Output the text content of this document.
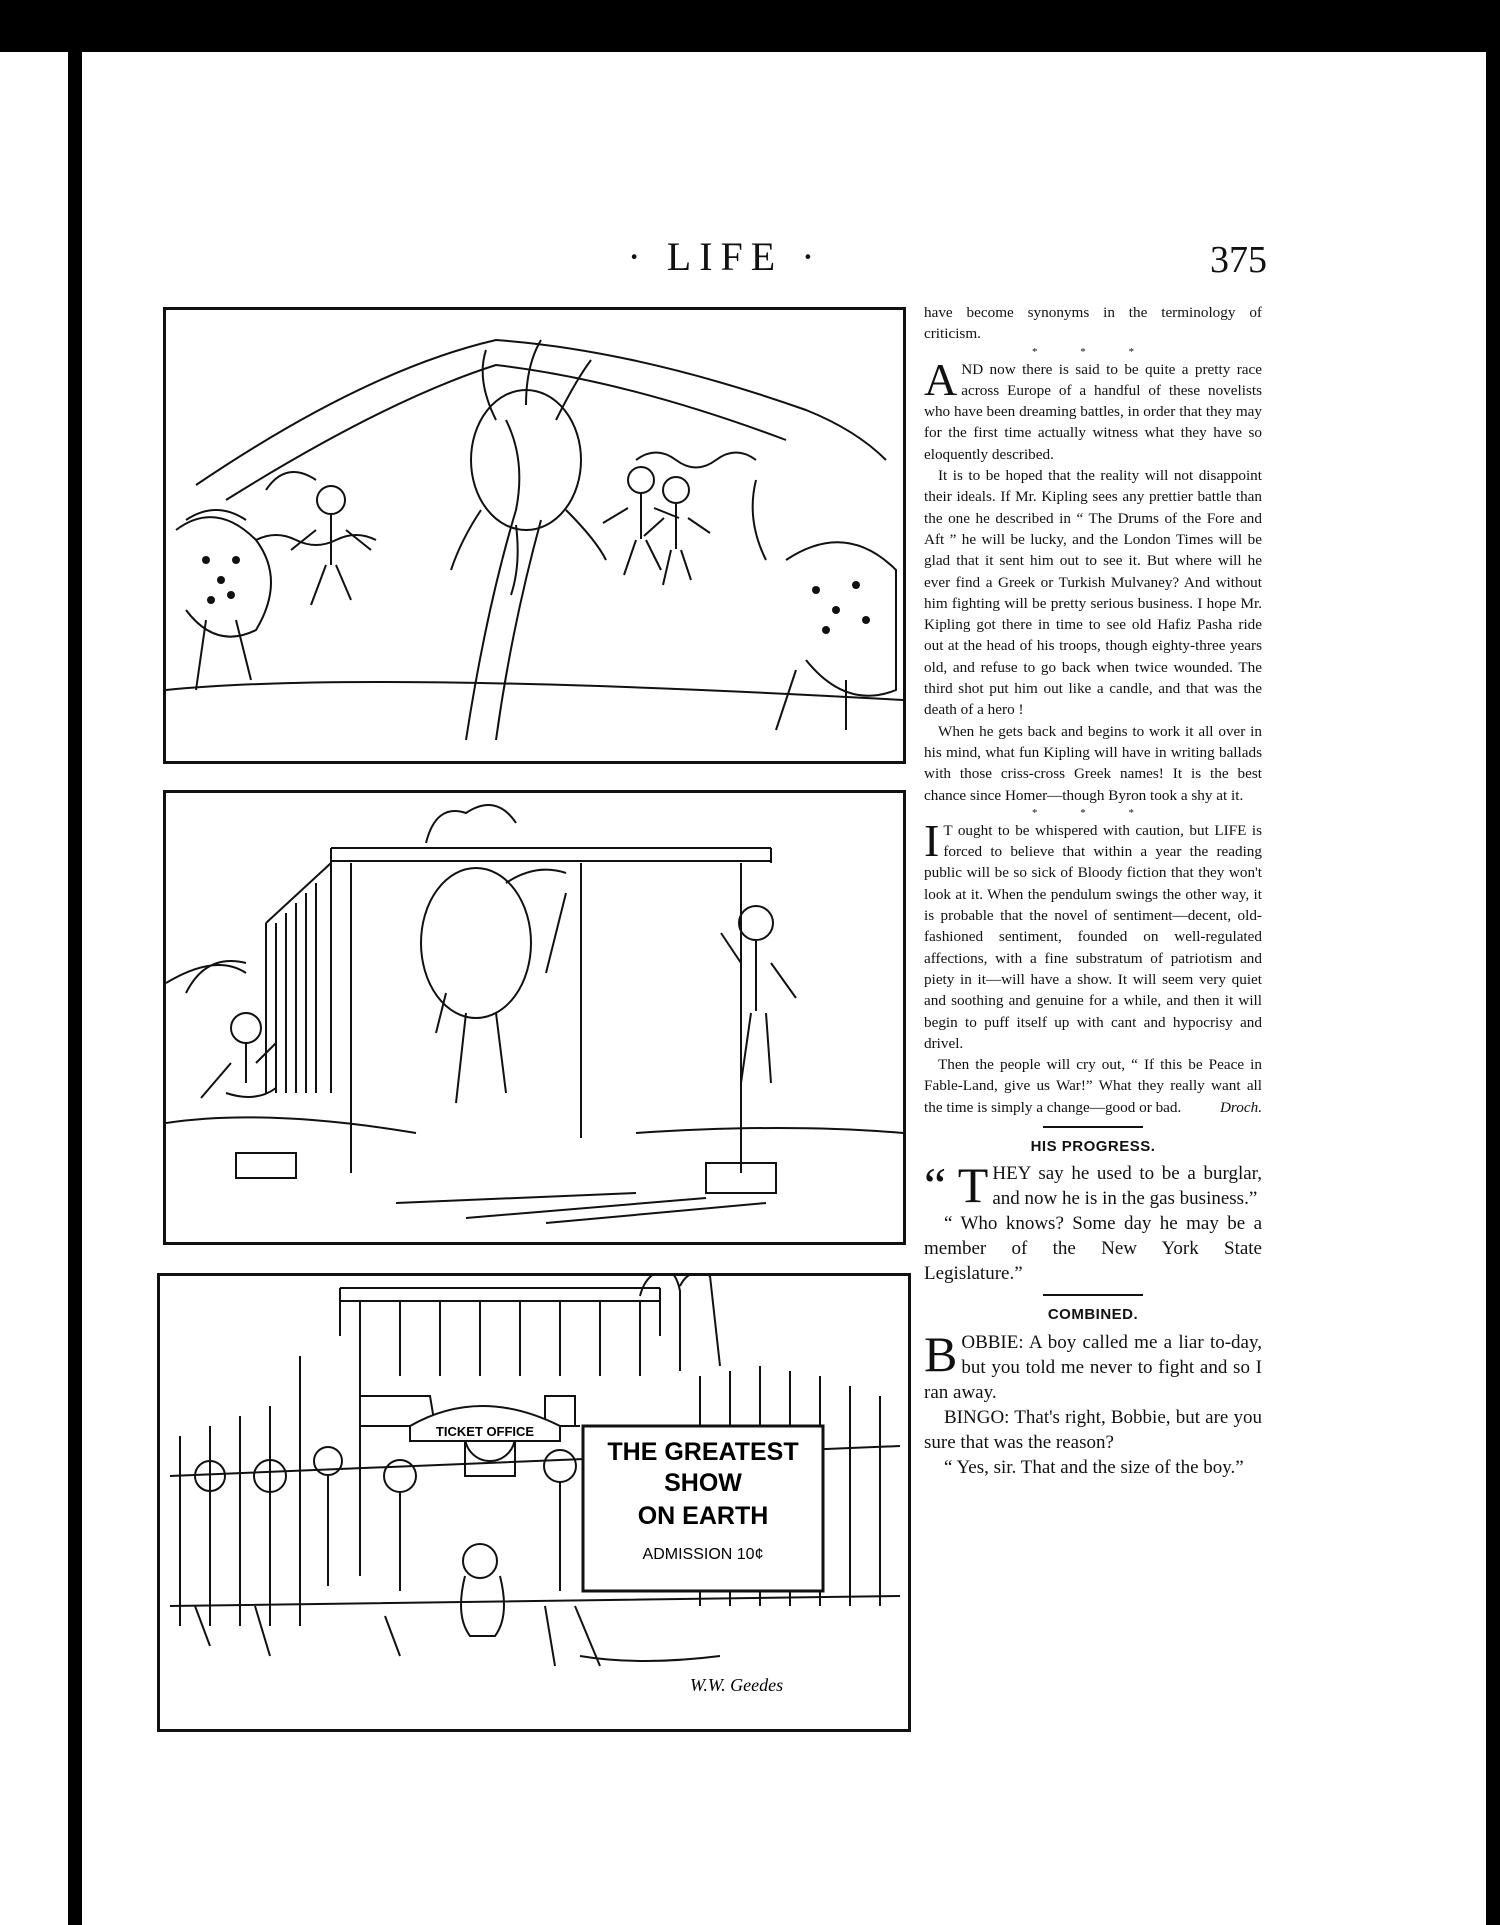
· LIFE ·	375
THE GREATEST
SHOW
ON EARTH
ADMISSION 10¢
TICKET OFFICE
W.W. Geedes

have become synonyms in the terminology of criticism.

* * *

AND now there is said to be quite a pretty race across Europe of a handful of these novelists who have been dreaming battles, in order that they may for the first time actually witness what they have so eloquently described.

It is to be hoped that the reality will not disappoint their ideals. If Mr. Kipling sees any prettier battle than the one he described in “ The Drums of the Fore and Aft ” he will be lucky, and the London Times will be glad that it sent him out to see it. But where will he ever find a Greek or Turkish Mulvaney? And without him fighting will be pretty serious business. I hope Mr. Kipling got there in time to see old Hafiz Pasha ride out at the head of his troops, though eighty-three years old, and refuse to go back when twice wounded. The third shot put him out like a candle, and that was the death of a hero !

When he gets back and begins to work it all over in his mind, what fun Kipling will have in writing ballads with those criss-cross Greek names! It is the best chance since Homer—though Byron took a shy at it.

* * *

I T ought to be whispered with caution, but LIFE is forced to believe that within a year the reading public will be so sick of Bloody fiction that they won't look at it. When the pendulum swings the other way, it is probable that the novel of sentiment—decent, old-fashioned sentiment, founded on well-regulated affections, with a fine substratum of patriotism and piety in it—will have a show. It will seem very quiet and soothing and genuine for a while, and then it will begin to puff itself up with cant and hypocrisy and drivel.

Then the people will cry out, “ If this be Peace in Fable-Land, give us War!” What they really want all the time is simply a change—good or bad.	Droch.

HIS PROGRESS.

“ T HEY say he used to be a burglar, and now he is in the gas business.”

“ Who knows? Some day he may be a member of the New York State Legislature.”

COMBINED.

BOBBIE: A boy called me a liar to-day, but you told me never to fight and so I ran away.

BINGO: That's right, Bobbie, but are you sure that was the reason?

“ Yes, sir. That and the size of the boy.”

comicbooks.com
